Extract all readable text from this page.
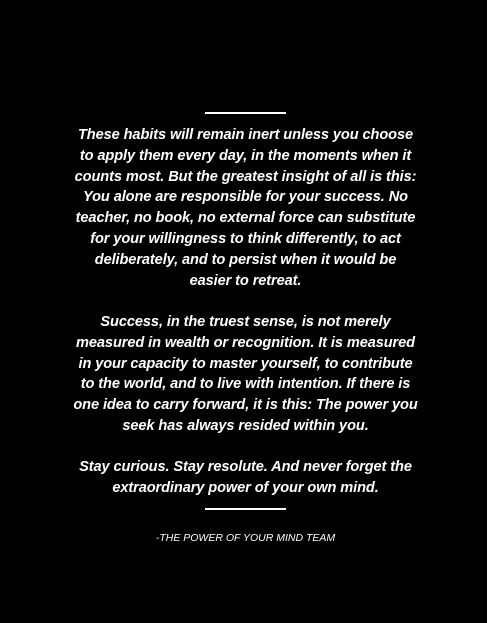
These habits will remain inert unless you choose
to apply them every day, in the moments when it
counts most. But the greatest insight of all is this:
You alone are responsible for your success. No
teacher, no book, no external force can substitute
for your willingness to think differently, to act
deliberately, and to persist when it would be
easier to retreat.

Success, in the truest sense, is not merely
measured in wealth or recognition. It is measured
in your capacity to master yourself, to contribute
to the world, and to live with intention. If there is
one idea to carry forward, it is this: The power you
seek has always resided within you.

Stay curious. Stay resolute. And never forget the
extraordinary power of your own mind.

-THE POWER OF YOUR MIND TEAM
